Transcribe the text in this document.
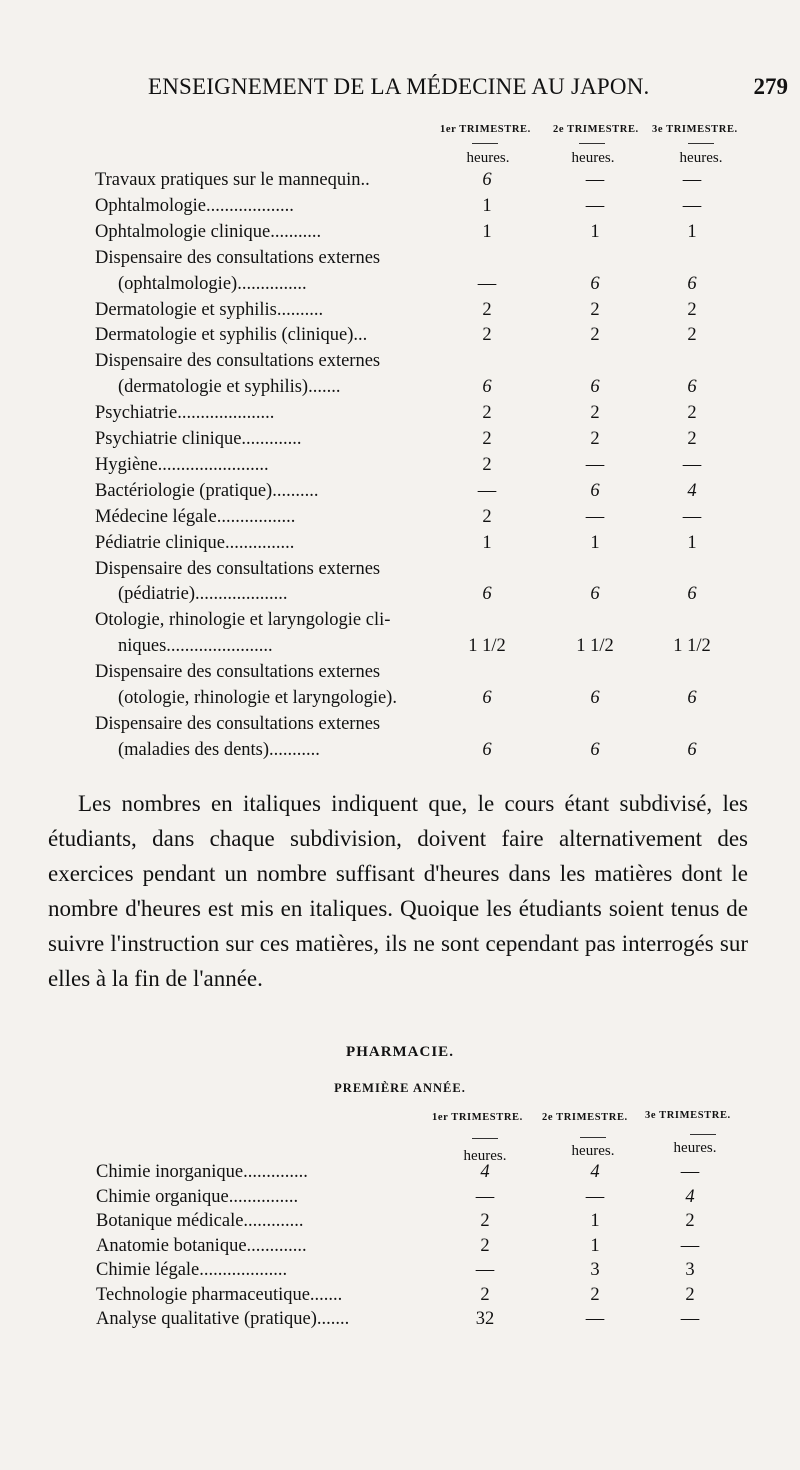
ENSEIGNEMENT DE LA MÉDECINE AU JAPON.	279
1er TRIMESTRE. 2e TRIMESTRE. 3e TRIMESTRE.
heures.	heures.	heures.
Travaux pratiques sur le mannequin..	6	—	—
Ophtalmologie...................	1	—	—
Ophtalmologie clinique...........	1	1	1
Dispensaire des consultations externes
(ophtalmologie)...............	—	6	6
Dermatologie et syphilis..........	2	2	2
Dermatologie et syphilis (clinique)...	2	2	2
Dispensaire des consultations externes
(dermatologie et syphilis).......	6	6	6
Psychiatrie.....................	2	2	2
Psychiatrie clinique.............	2	2	2
Hygiène........................	2	—	—
Bactériologie (pratique)..........	—	6	4
Médecine légale.................	2	—	—
Pédiatrie clinique...............	1	1	1
Dispensaire des consultations externes
(pédiatrie)....................	6	6	6
Otologie, rhinologie et laryngologie cli-
niques.......................	1 1/2	1 1/2	1 1/2
Dispensaire des consultations externes
(otologie, rhinologie et laryngologie).	6	6	6
Dispensaire des consultations externes
(maladies des dents)...........	6	6	6

Les nombres en italiques indiquent que, le cours étant subdivisé, les étudiants, dans chaque subdivision, doivent faire alternativement des exercices pendant un nombre suffisant d'heures dans les matières dont le nombre d'heures est mis en italiques. Quoique les étudiants soient tenus de suivre l'instruction sur ces matières, ils ne sont cependant pas interrogés sur elles à la fin de l'année.

PHARMACIE.
PREMIÈRE ANNÉE.
1er TRIMESTRE. 2e TRIMESTRE. 3e TRIMESTRE.
heures.	heures.	heures.
Chimie inorganique..............	4	4	—
Chimie organique...............	—	—	4
Botanique médicale.............	2	1	2
Anatomie botanique.............	2	1	—
Chimie légale...................	—	3	3
Technologie pharmaceutique.......	2	2	2
Analyse qualitative (pratique).......	32	—	—
